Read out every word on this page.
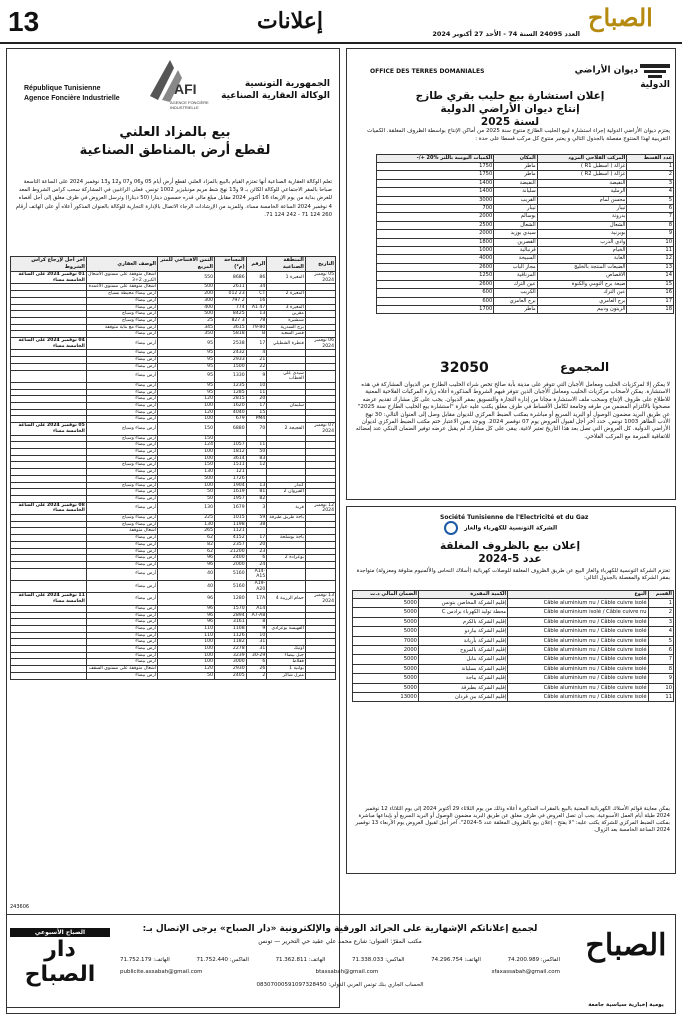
13	إعلانات	العدد 24095 السنة 74 - الأحد 27 أكتوبر 2024
الصباح
République Tunisienne
Agence Foncière Industrielle
AFI
AGENCE FONCIÈRE
INDUSTRIELLE
الجمهورية التونسية
الوكالة العقارية الصناعية
بيع بالمزاد العلني
لقطع أرض بالمناطق الصناعية
تعلم الوكالة العقارية الصناعية أنها تعتزم القيام بالبيع بالمزاد العلني لقطع أرض أيام 05 و06 و07 و12 و13 نوفمبر 2024 على الساعة التاسعة صباحا بالمقر الاجتماعي للوكالة الكائن بـ 9 و13 نهج شط مريم مونبليزير 1002 تونس. فعلى الراغبين في المشاركة سحب كراس الشروط المعد للغرض بداية من يوم الإربعاء 16 أكتوبر 2024 مقابل مبلغ مالي قدره خمسون دينارا (50 دينارا) وترسل العروض في ظرف مغلق إلى أجل أقصاه 4 نوفمبر 2024 الساعة الخامسة مساء. وللمزيد من الإرشادات الرجاء الاتصال بالإدارة التجارية للوكالة بالعنوان المذكور أعلاه أو على الهاتف أرقام 260 124 71 - 242 124 71.
التاريخ	المنطقة الصناعية	الرقم	المساحة (م²)	الثمن الافتتاحي للمتر المربع	الوصف العقاري	آخر أجل لإرجاع كراس الشروط
05 نوفمبر 2024	المغيرة 1	86	8686	550	أشغال متوقفة على مستوى الأشغال الكبرى 2+3	01 نوفمبر 2024 على الساعة الخامسة مساء
		34	2611	500	أشغال متوقفة على مستوى الأعمدة	
	المغيرة 2	CT	23 012	200	أرض بيضاء محيطة بسياج	
		16	2 797	300	أرض بيضاء	
	المغيرة 3	A1 47	774	400	أرض بيضاء	
	مقرين	13	8425	500	أرض بيضاء وسياج	
	شنشيرة	78	3 827	25	أرض بيضاء وسياج	
	برج السدرية	79-80	3615	345	أرض بيضاء مع بناية متوقفة	
	قصر السعيد	B	5818	350	أرض بيضاء	
06 نوفمبر 2024	قنطرة الشطيلي	17	2538	95	أرض بيضاء	04 نوفمبر 2024 على الساعة الخامسة مساء
		4	2432	95	أرض بيضاء	
		21	2933	95	أرض بيضاء	
		22	1500	95	أرض بيضاء	
	سيدي علي الحطاب	9	1330	95	أرض بيضاء	
		10	1235	95	أرض بيضاء	
		11	1285	95	أرض بيضاء	
		20	2815	120	أرض بيضاء	
	سليمان	17	1620	100	أرض بيضاء	
		15	4040	120	أرض بيضاء	
		PM4	679	100	أرض بيضاء	
07 نوفمبر 2024	الفجيجة 2	70	6880	150	أرض بيضاء وسياج	05 نوفمبر 2024 على الساعة الخامسة مساء
				150	أرض بيضاء وسياج	
		11	1057	124	أرض بيضاء	
		50	1812	100	أرض بيضاء	
		83	3614	100	أرض بيضاء	
		12	1511	150	أرض بيضاء وسياج	
			121	130	أرض بيضاء	
			1726	500	أرض بيضاء	
	كندار	13	1904	100	أرض بيضاء وسياج	
	القيروان 2	81	1619	50	أرض بيضاء	
		82	1957	50	أرض بيضاء	
12 نوفمبر 2024	قربة	3	1679	130	أرض بيضاء	08 نوفمبر 2024 على الساعة الخامسة مساء
	باجة طريق طبرقة	59	1015	225	أرض بيضاء وسياج	
		38	1198	130	أرض بيضاء وسياج	
			1121	265	أشغال متوقفة	
	باجة بوشلحة	17	4152	62	أرض بيضاء	
		20	2357	82	أرض بيضاء	
		23	21200	62	أرض بيضاء	
	بوعرادة 2	6	2400	96	أرض بيضاء	
		24	2000	96	أرض بيضاء	
		A14-A15	5160	40	أرض بيضاء	
		A19-A20	5160	40	أرض بيضاء	
13 نوفمبر 2024	حمام الزريبة 4	17A	1280	96	أرض بيضاء	11 نوفمبر 2024 على الساعة الخامسة مساء
		A14	1570	96	أرض بيضاء	
		A7-A8	2894	96	أرض بيضاء	
		8	3161	96	أرض بيضاء	
	الفهيسة بوعرادي	9	1108	110	أرض بيضاء	
		10	1126	110	أرض بيضاء	
		31	1182	100	أرض بيضاء	
	أوتيك	31	2278	100	أرض بيضاء	
	جبل بيضاء	30-29	3239	100	أرض بيضاء	
	قفلاط	6	3000	100	أرض بيضاء	
	بولنية 1	26	2930	120	أشغال متوقفة على مستوى السقف	
	منزل شاكر	2	2405	50	أرض بيضاء	
OFFICE DES TERRES DOMANIALES	ديوان الأراضي الدولية
إعلان استشارة بيع حليب بقري طازج
إنتاج ديوان الأراضي الدولية
لسنة 2025
يعتزم ديوان الأراضي الدولية إجراء استشارة لبيع الحليب الطازج منتوج سنة 2025 من أماكن الإنتاج بواسطة الظروف المغلقة. الكميات التقريبية لهذا المنتوج مفصلة بالجدول التالي و يعتبر منتوج كل مركب قسطا على حدة :
عدد القسط	المركب الفلاحي المزود	المكان	الكميات اليومية باللتر %20 +/-
1	غزالة ( اسطبل R1 )	ماطر	1750
2	غزالة ( اسطبل R2 )	ماطر	1750
3	النفيضة	النفيضة	1400
4	الرملية	سليانة	1400
5	محسن لمام	القريب	3000
6	تيبار	تيبار	700
7	بدروتة	بوسالم	2000
8	الشعال	الشعال	2500
9	بوبرنية	سيدي بوزيد	2000
10	وادي الدرب	القصرين	1800
11	الخيام	قرنبالية	1000
12	الغابة	السبيخة	4000
13	الضيعات المنتجة بالخليج	مجاز الباب	2600
14	الأقصاص	المرناقية	1250
15	ضيعة برج التومي والكنوة	عين الترك	2600
16	عين الترك	الكريب	600
17	برج العامري	برج العامري	600
18	الزيتون ودبيم	ماطر	1700
32050	المجموع
لا يمكن إلا لمركزيات الحليب ومعامل الأجبان التي تتوفر على مدينة بأبة صالح تخص شراء الحليب الطازج من الديوان المشاركة في هذه الاستشارة. يمكن لأصحاب مركزيات الحليب ومعامل الأجبان الذين تتوفر فيهم الشروط المذكورة أعلاه زيارة المركبات الفلاحية المعنية للاطلاع على ظروف الإنتاج وسحب ملف الاستشارة مجانا من إدارة التجارة والتسويق بمقر الديوان. يجب على كل مشارك تقديم عرضه مصحوبا بالالتزام المضمن من طرفه وجامعة لكامل الأقساط في ظرف مغلق يكتب عليه عبارة "استشارة بيع الحليب الطازج سنة 2025" عن طريق البريد مضمون الوصول أو البريد السريع أو مباشرة بمكتب الضبط المركزي للديوان مقابل وصل إلى العنوان التالي: 30 نهج الأدب الطاهر 1003 تونس. حدد آخر أجل لقبول العروض يوم 07 نوفمبر 2024. ويوجد بعين الاعتبار ختم مكتب الضبط المركزي لديوان الأراضي الدولية. كل العروض التي تصل بعد هذا التاريخ تعتبر لاغية. يبقى على كل مشارك لم يقبل عرضه توفير الضمان البنكي عند إمضائه للاتفاقية المبرمة مع المركب الفلاحي.
Société Tunisienne de l'Electricité et du Gaz  الشركة التونسية للكهرباء والغاز
إعلان بيع بالظروف المغلقة
عدد 5-2024
تعتزم الشركة التونسية للكهرباء والغاز البيع عن طريق الظروف المغلقة للوصلات كهربائية (أسلاك النحاس والألمنيوم متلوفة ومعزولة) متواجدة بمقر الشركة والمفصلة بالجدول التالي:
القسم	النوع	الكمية المقدرة	الضمان المالي د.ت
1	Câble aluminium nu / Câble cuivre isolé	إقليم الشركة المخاصن بتونس	5000
2	Câble aluminium isolé / Câble cuivre nu	محطة توليد الكهرباء برادس C	5000
3	Câble aluminium nu / Câble cuivre isolé	إقليم الشركة بالكرم	5000
4	Câble aluminium nu / Câble cuivre isolé	إقليم الشركة بباردو	5000
5	Câble aluminium nu / Câble cuivre isolé	إقليم الشركة بأريانة	7000
6	Câble aluminium nu / Câble cuivre isolé	إقليم الشركة بالمروج	2000
7	Câble aluminium nu / Câble cuivre isolé	إقليم الشركة بنابل	5000
8	Câble aluminium nu / Câble cuivre isolé	إقليم الشركة بسليانة	5000
9	Câble aluminium nu / Câble cuivre isolé	إقليم الشركة بباجة	5000
10	Câble aluminium nu / Câble cuivre isolé	إقليم الشركة بطبرقة	5000
11	Câble aluminium nu / Câble cuivre isolé	إقليم الشركة ببن قردان	13000
يمكن معاينة قوائم الأسلاك الكهربائية المعنية بالبيع بالمقرات المذكورة أعلاه وذلك من يوم الثلاثاء 29 أكتوبر 2024 إلى يوم الثلاثاء 12 نوفمبر 2024 طيلة أيام العمل الأسبوعية. يجب أن تصل العروض في ظرف مغلق عن طريق البريد مضمون الوصول أو البريد السريع أو بإيداعها مباشرة بمكتب الضبط المركزي للشركة يكتب عليه: "لا يفتح - إعلان بيع بالظروف المغلقة عدد 5-2024". آخر أجل لقبول العروض يوم الأربعاء 13 نوفمبر 2024 الساعة الخامسة بعد الزوال.
لجميع إعلاناتكم الإشهارية على الجرائد الورقية والإلكترونية «دار الصباح» يرجى الإتصال بـ:
مكتب المقرّ: العنوان: شارع محمد علي عقيد حي التحرير — تونس
الهاتف: 71.752.179	الفاكس: 71.752.440	الهاتف: 71.362.811	الفاكس: 71.338.033	الهاتف: 74.296.754	الفاكس: 74.200.989
publicite.assabah@gmail.com	btassabah@gmail.com	sfaxassabah@gmail.com
الحساب الجاري بنك تونس العربي الدولي: 08307000591097328450
243606
الصباح
يومية إخبارية سياسية جامعة
الصباح الأسبوعي
دار الصباح
